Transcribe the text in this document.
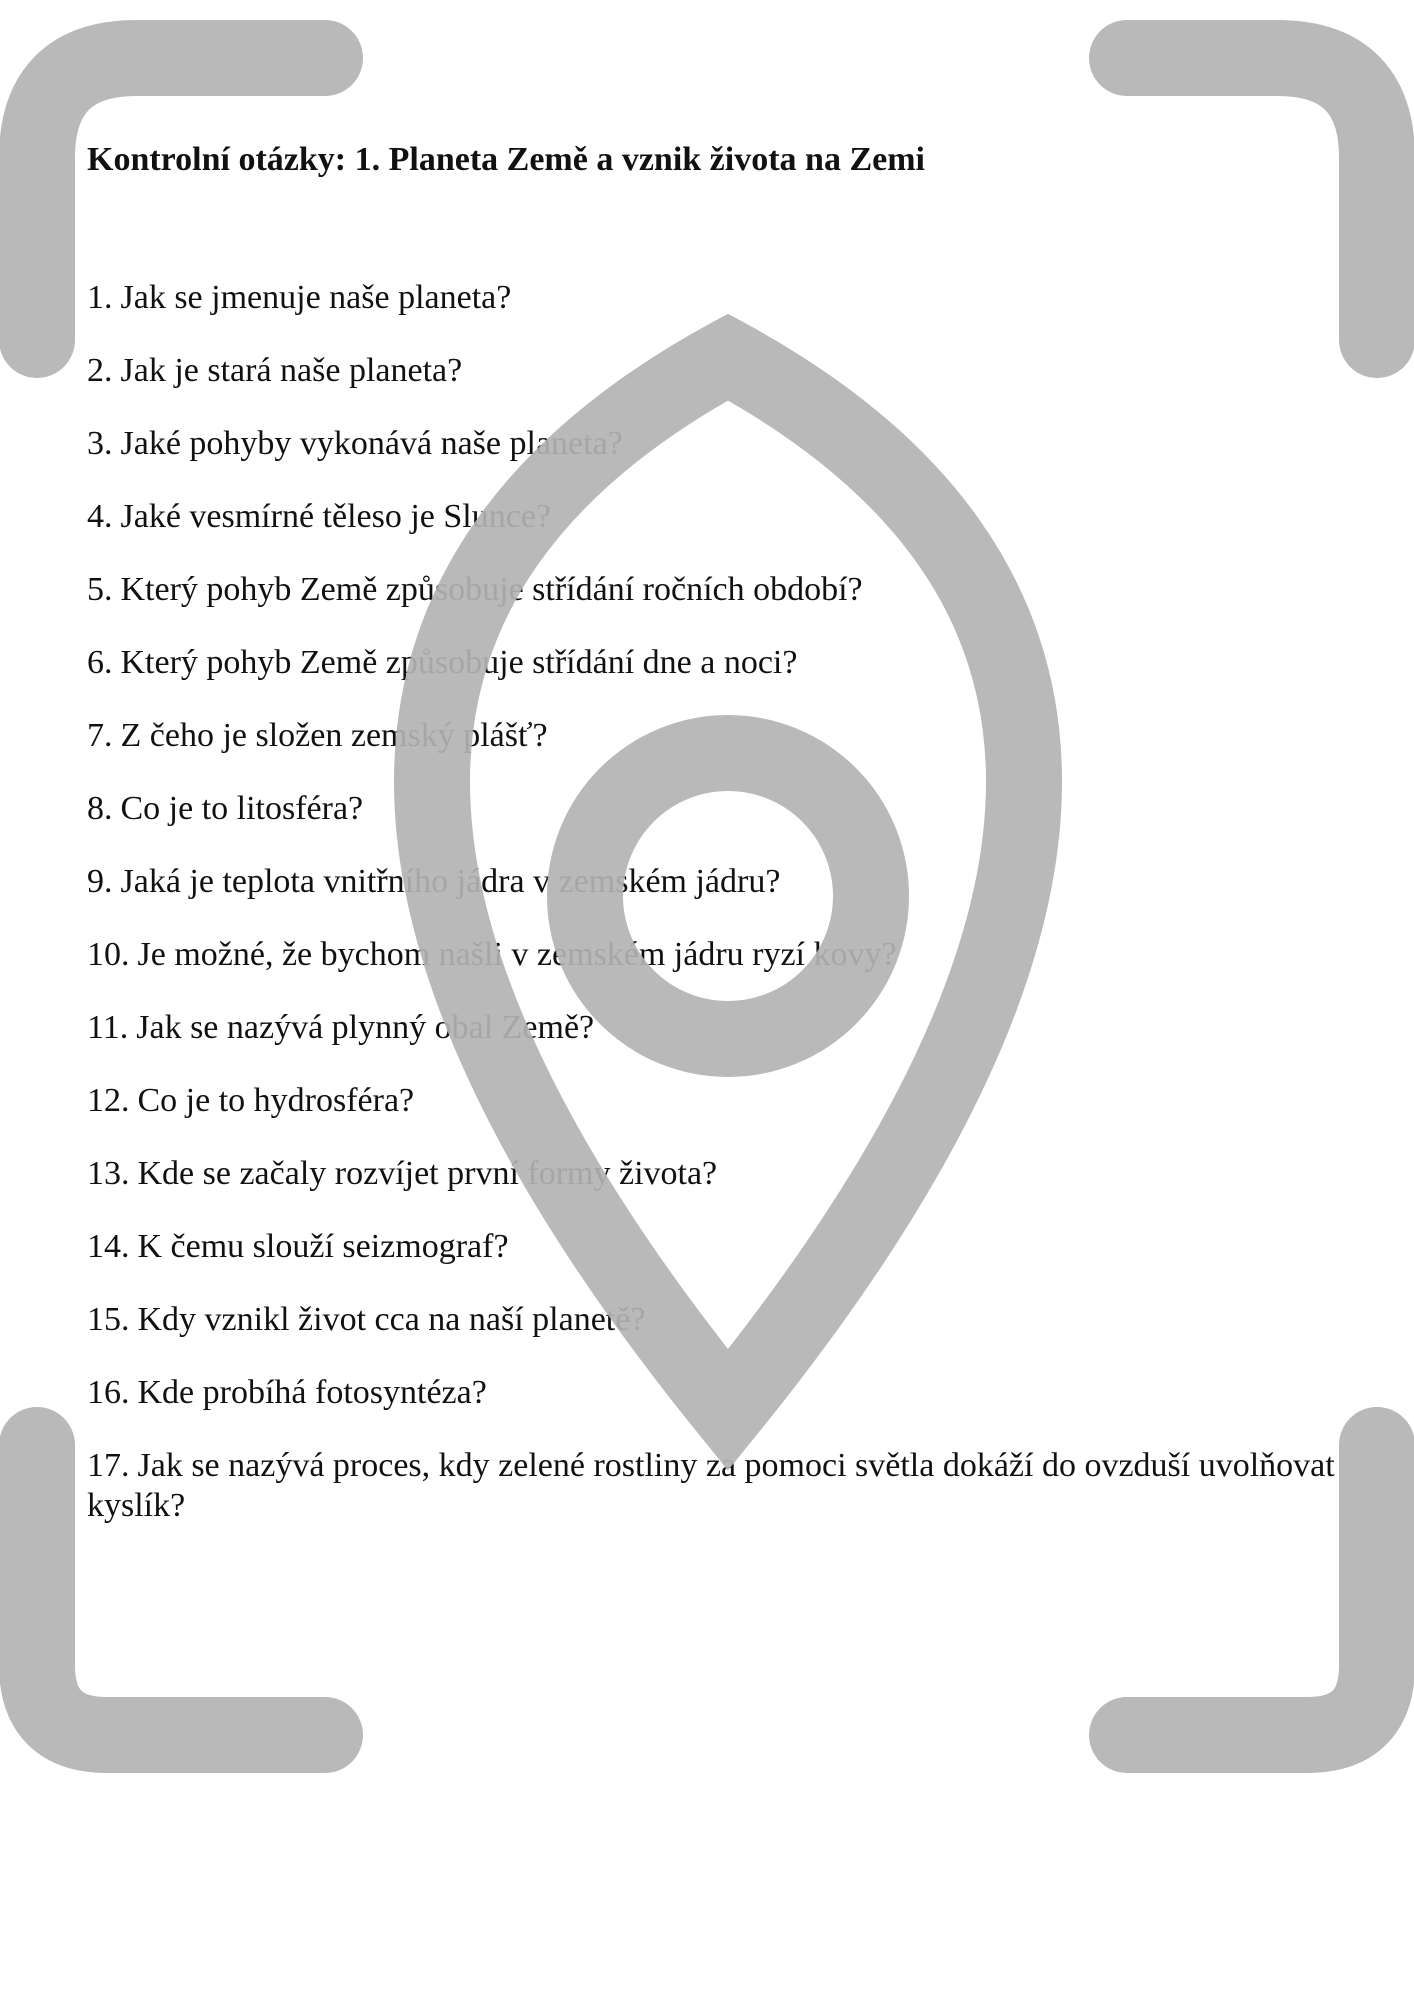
Kontrolní otázky: 1. Planeta Země a vznik života na Zemi
1. Jak se jmenuje naše planeta?
2. Jak je stará naše planeta?
3. Jaké pohyby vykonává naše planeta?
4. Jaké vesmírné těleso je Slunce?
5. Který pohyb Země způsobuje střídání ročních období?
6. Který pohyb Země způsobuje střídání dne a noci?
7. Z čeho je složen zemský plášť?
8. Co je to litosféra?
9. Jaká je teplota vnitřního jádra v zemském jádru?
10. Je možné, že bychom našli v zemském jádru ryzí kovy?
11. Jak se nazývá plynný obal Země?
12. Co je to hydrosféra?
13. Kde se začaly rozvíjet první formy života?
14. K čemu slouží seizmograf?
15. Kdy vznikl život cca na naší planetě?
16. Kde probíhá fotosyntéza?
17. Jak se nazývá proces, kdy zelené rostliny za pomoci světla dokáží do ovzduší uvolňovat kyslík?
